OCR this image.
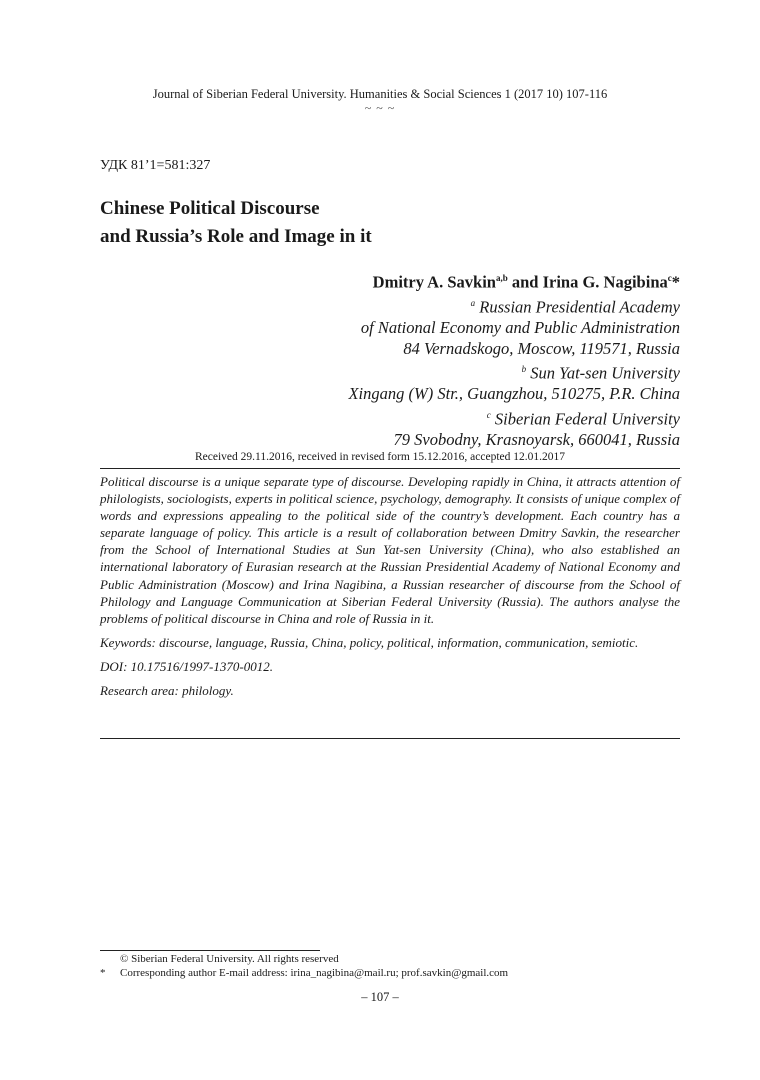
Journal of Siberian Federal University. Humanities & Social Sciences 1 (2017 10) 107-116
~ ~ ~
УДК 81’1=581:327
Chinese Political Discourse
and Russia’s Role and Image in it
Dmitry A. Savkin$^{a,b}$ and Irina G. Nagibina$^c$*
$^a$ Russian Presidential Academy
of National Economy and Public Administration
84 Vernadskogo, Moscow, 119571, Russia
$^b$ Sun Yat-sen University
Xingang (W) Str., Guangzhou, 510275, P.R. China
$^c$ Siberian Federal University
79 Svobodny, Krasnoyarsk, 660041, Russia
Received 29.11.2016, received in revised form 15.12.2016, accepted 12.01.2017

Political discourse is a unique separate type of discourse. Developing rapidly in China, it attracts attention of philologists, sociologists, experts in political science, psychology, demography. It consists of unique complex of words and expressions appealing to the political side of the country’s development. Each country has a separate language of policy. This article is a result of collaboration between Dmitry Savkin, the researcher from the School of International Studies at Sun Yat-sen University (China), who also established an international laboratory of Eurasian research at the Russian Presidential Academy of National Economy and Public Administration (Moscow) and Irina Nagibina, a Russian researcher of discourse from the School of Philology and Language Communication at Siberian Federal University (Russia). The authors analyse the problems of political discourse in China and role of Russia in it.

Keywords: discourse, language, Russia, China, policy, political, information, communication, semiotic.

DOI: 10.17516/1997-1370-0012.

Research area: philology.

© Siberian Federal University. All rights reserved
* Corresponding author E-mail address: irina_nagibina@mail.ru; prof.savkin@gmail.com
– 107 –
